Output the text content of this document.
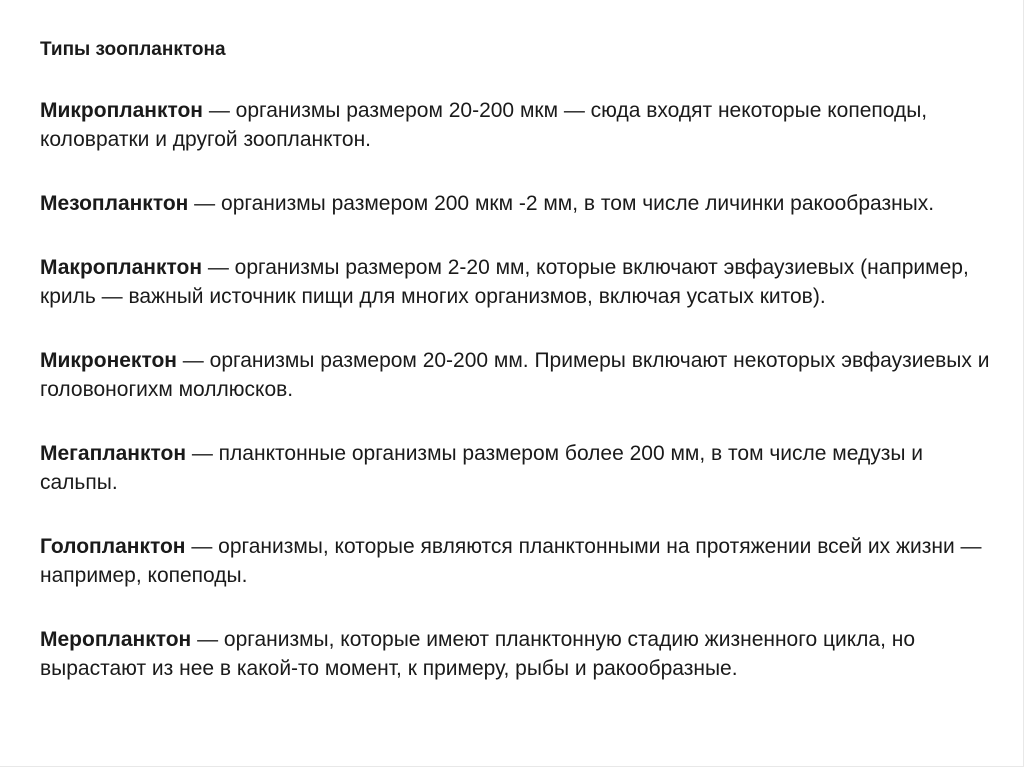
Типы зоопланктона

Микропланктон — организмы размером 20-200 мкм — сюда входят некоторые копеподы, коловратки и другой зоопланктон.

Мезопланктон — организмы размером 200 мкм -2 мм, в том числе личинки ракообразных.

Макропланктон — организмы размером 2-20 мм, которые включают эвфаузиевых (например, криль — важный источник пищи для многих организмов, включая усатых китов).

Микронектон — организмы размером 20-200 мм. Примеры включают некоторых эвфаузиевых и головоногихм моллюсков.

Мегапланктон — планктонные организмы размером более 200 мм, в том числе медузы и сальпы.

Голопланктон — организмы, которые являются планктонными на протяжении всей их жизни — например, копеподы.

Меропланктон — организмы, которые имеют планктонную стадию жизненного цикла, но вырастают из нее в какой-то момент, к примеру, рыбы и ракообразные.
